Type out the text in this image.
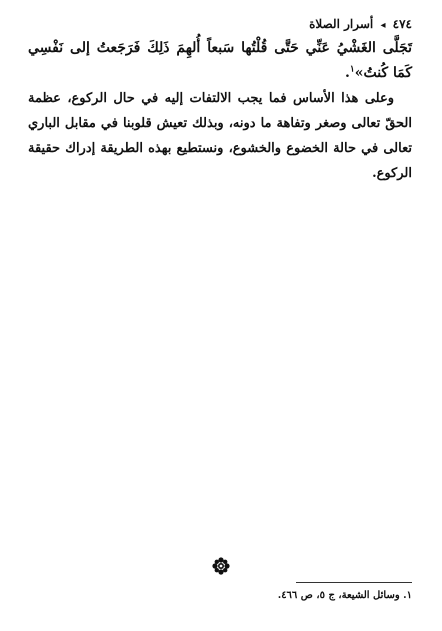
٤٧٤ ◂ أسرار الصلاة

تَجَلَّى الغَشْيُ عَنِّي حَتَّى قُلْتُها سَبعاً أُلهِمَ ذَلِكَ فَرَجَعتُ إلى نَفْسِي كَمَا كُنتُ»$^١$.

وعلى هذا الأساس فما يجب الالتفات إليه في حال الركوع، عظمة الحقّ تعالى وصغر وتفاهة ما دونه، وبذلك تعيش قلوبنا في مقابل الباري تعالى في حالة الخضوع والخشوع، ونستطيع بهذه الطريقة إدراك حقيقة الركوع.

١. وسائل الشيعة، ج ٥، ص ٤٦٦.
